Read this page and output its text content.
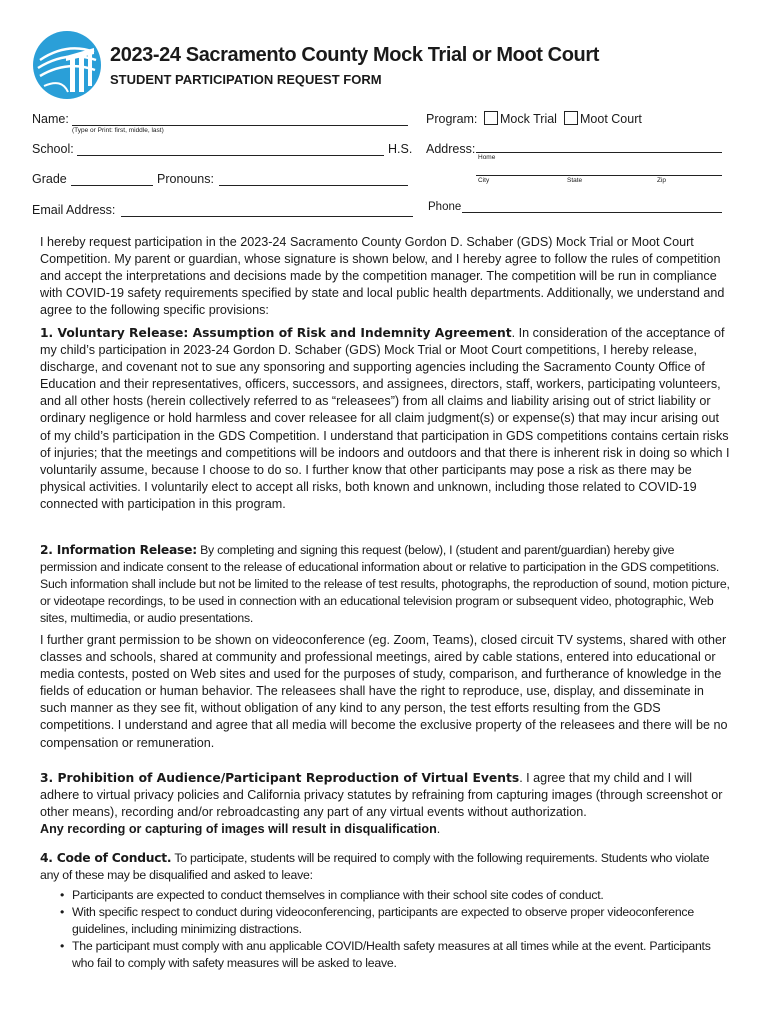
2023-24 Sacramento County Mock Trial or Moot Court
STUDENT PARTICIPATION REQUEST FORM
Name:
(Type or Print: first, middle, last)
Program: Mock Trial Moot Court
School:	H.S. Address:
Home
City	State	Zip
Grade	Pronouns:
Email Address:	Phone

I hereby request participation in the 2023-24 Sacramento County Gordon D. Schaber (GDS) Mock Trial or Moot Court Competition. My parent or guardian, whose signature is shown below, and I hereby agree to follow the rules of competition and accept the interpretations and decisions made by the competition manager. The competition will be run in compliance with COVID-19 safety requirements specified by state and local public health departments. Additionally, we understand and agree to the following specific provisions:

1. Voluntary Release: Assumption of Risk and Indemnity Agreement. In consideration of the acceptance of my child’s participation in 2023-24 Gordon D. Schaber (GDS) Mock Trial or Moot Court competitions, I hereby release, discharge, and covenant not to sue any sponsoring and supporting agencies including the Sacramento County Office of Education and their representatives, officers, successors, and assignees, directors, staff, workers, participating volunteers, and all other hosts (herein collectively referred to as “releasees”) from all claims and liability arising out of strict liability or ordinary negligence or hold harmless and cover releasee for all claim judgment(s) or expense(s) that may incur arising out of my child’s participation in the GDS Competition. I understand that participation in GDS competitions contains certain risks of injuries; that the meetings and competitions will be indoors and outdoors and that there is inherent risk in doing so which I voluntarily assume, because I choose to do so. I further know that other participants may pose a risk as there may be physical activities. I voluntarily elect to accept all risks, both known and unknown, including those related to COVID-19 connected with participation in this program.

2. Information Release: By completing and signing this request (below), I (student and parent/guardian) hereby give permission and indicate consent to the release of educational information about or relative to participation in the GDS competitions. Such information shall include but not be limited to the release of test results, photographs, the reproduction of sound, motion picture, or videotape recordings, to be used in connection with an educational television program or subsequent video, photographic, Web sites, multimedia, or audio presentations.

I further grant permission to be shown on videoconference (eg. Zoom, Teams), closed circuit TV systems, shared with other classes and schools, shared at community and professional meetings, aired by cable stations, entered into educational or media contests, posted on Web sites and used for the purposes of study, comparison, and furtherance of knowledge in the fields of education or human behavior. The releasees shall have the right to reproduce, use, display, and disseminate in such manner as they see fit, without obligation of any kind to any person, the test efforts resulting from the GDS competitions. I understand and agree that all media will become the exclusive property of the releasees and there will be no compensation or remuneration.

3. Prohibition of Audience/Participant Reproduction of Virtual Events. I agree that my child and I will adhere to virtual privacy policies and California privacy statutes by refraining from capturing images (through screenshot or other means), recording and/or rebroadcasting any part of any virtual events without authorization.
Any recording or capturing of images will result in disqualification.

4. Code of Conduct. To participate, students will be required to comply with the following requirements. Students who violate any of these may be disqualified and asked to leave:

• Participants are expected to conduct themselves in compliance with their school site codes of conduct.
• With specific respect to conduct during videoconferencing, participants are expected to observe proper videoconference guidelines, including minimizing distractions.
• The participant must comply with anu applicable COVID/Health safety measures at all times while at the event. Participants who fail to comply with safety measures will be asked to leave.
